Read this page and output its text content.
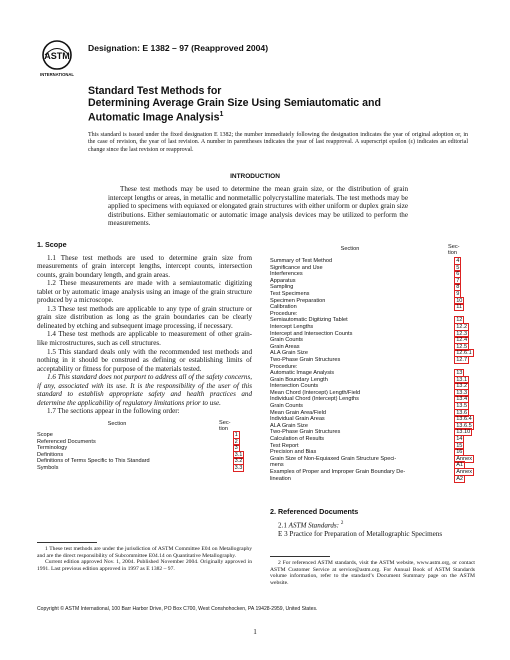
ASTM
INTERNATIONAL
Designation: E 1382 – 97 (Reapproved 2004)
Standard Test Methods for
Determining Average Grain Size Using Semiautomatic and
Automatic Image Analysis$^1$
This standard is issued under the fixed designation E 1382; the number immediately following the designation indicates the year of original adoption or, in the case of revision, the year of last revision. A number in parentheses indicates the year of last reapproval. A superscript epsilon (ε) indicates an editorial change since the last revision or reapproval.
INTRODUCTION
These test methods may be used to determine the mean grain size, or the distribution of grain intercept lengths or areas, in metallic and nonmetallic polycrystalline materials. The test methods may be applied to specimens with equiaxed or elongated grain structures with either uniform or duplex grain size distributions. Either semiautomatic or automatic image analysis devices may be utilized to perform the measurements.

1. Scope

1.1 These test methods are used to determine grain size from measurements of grain intercept lengths, intercept counts, intersection counts, grain boundary length, and grain areas.

1.2 These measurements are made with a semiautomatic digitizing tablet or by automatic image analysis using an image of the grain structure produced by a microscope.

1.3 These test methods are applicable to any type of grain structure or grain size distribution as long as the grain boundaries can be clearly delineated by etching and subsequent image processing, if necessary.

1.4 These test methods are applicable to measurement of other grain-like microstructures, such as cell structures.

1.5 This standard deals only with the recommended test methods and nothing in it should be construed as defining or establishing limits of acceptability or fitness for purpose of the materials tested.

1.6 This standard does not purport to address all of the safety concerns, if any, associated with its use. It is the responsibility of the user of this standard to establish appropriate safety and health practices and determine the applicability of regulatory limitations prior to use.

1.7 The sections appear in the following order:

Section	Sec-
tion
Scope	1
Referenced Documents	2
Terminology	3
Definitions	3.1
Definitions of Terms Specific to This Standard	3.2
Symbols	3.3
Section	Sec-
tion
Summary of Test Method	4
Significance and Use	5
Interferences	6
Apparatus	7
Sampling	8
Test Specimens	9
Specimen Preparation	10
Calibration	11
Procedure:	
Semiautomatic Digitizing Tablet	12
Intercept Lengths	12.2
Intercept and Intersection Counts	12.3
Grain Counts	12.4
Grain Areas	12.5
ALA Grain Size	12.6.1
Two-Phase Grain Structures	12.7
Procedure:	
Automatic Image Analysis	13
Grain Boundary Length	13.1
Intersection Counts	13.2
Mean Chord (Intercept) Length/Field	13.3
Individual Chord (Intercept) Lengths	13.4
Grain Counts	13.5
Mean Grain Area/Field	13.6
Individual Grain Areas	13.6.4
ALA Grain Size	13.6.5
Two-Phase Grain Structures	13.10
Calculation of Results	14
Test Report	15
Precision and Bias	16
Grain Size of Non-Equiaxed Grain Structure Speci-	Annex
mens	A1
Examples of Proper and Improper Grain Boundary De-	Annex
lineation	A2
2. Referenced Documents

2.1 ASTM Standards: $^2$

E 3 Practice for Preparation of Metallographic Specimens

1 These test methods are under the jurisdiction of ASTM Committee E04 on Metallography and are the direct responsibility of Subcommittee E04.14 on Quantitative Metallography.

Current edition approved Nov. 1, 2004. Published November 2004. Originally approved in 1991. Last previous edition approved in 1997 as E 1382 – 97.

2 For referenced ASTM standards, visit the ASTM website, www.astm.org, or contact ASTM Customer Service at service@astm.org. For Annual Book of ASTM Standards volume information, refer to the standard’s Document Summary page on the ASTM website.

Copyright © ASTM International, 100 Barr Harbor Drive, PO Box C700, West Conshohocken, PA 19428-2959, United States.
1
